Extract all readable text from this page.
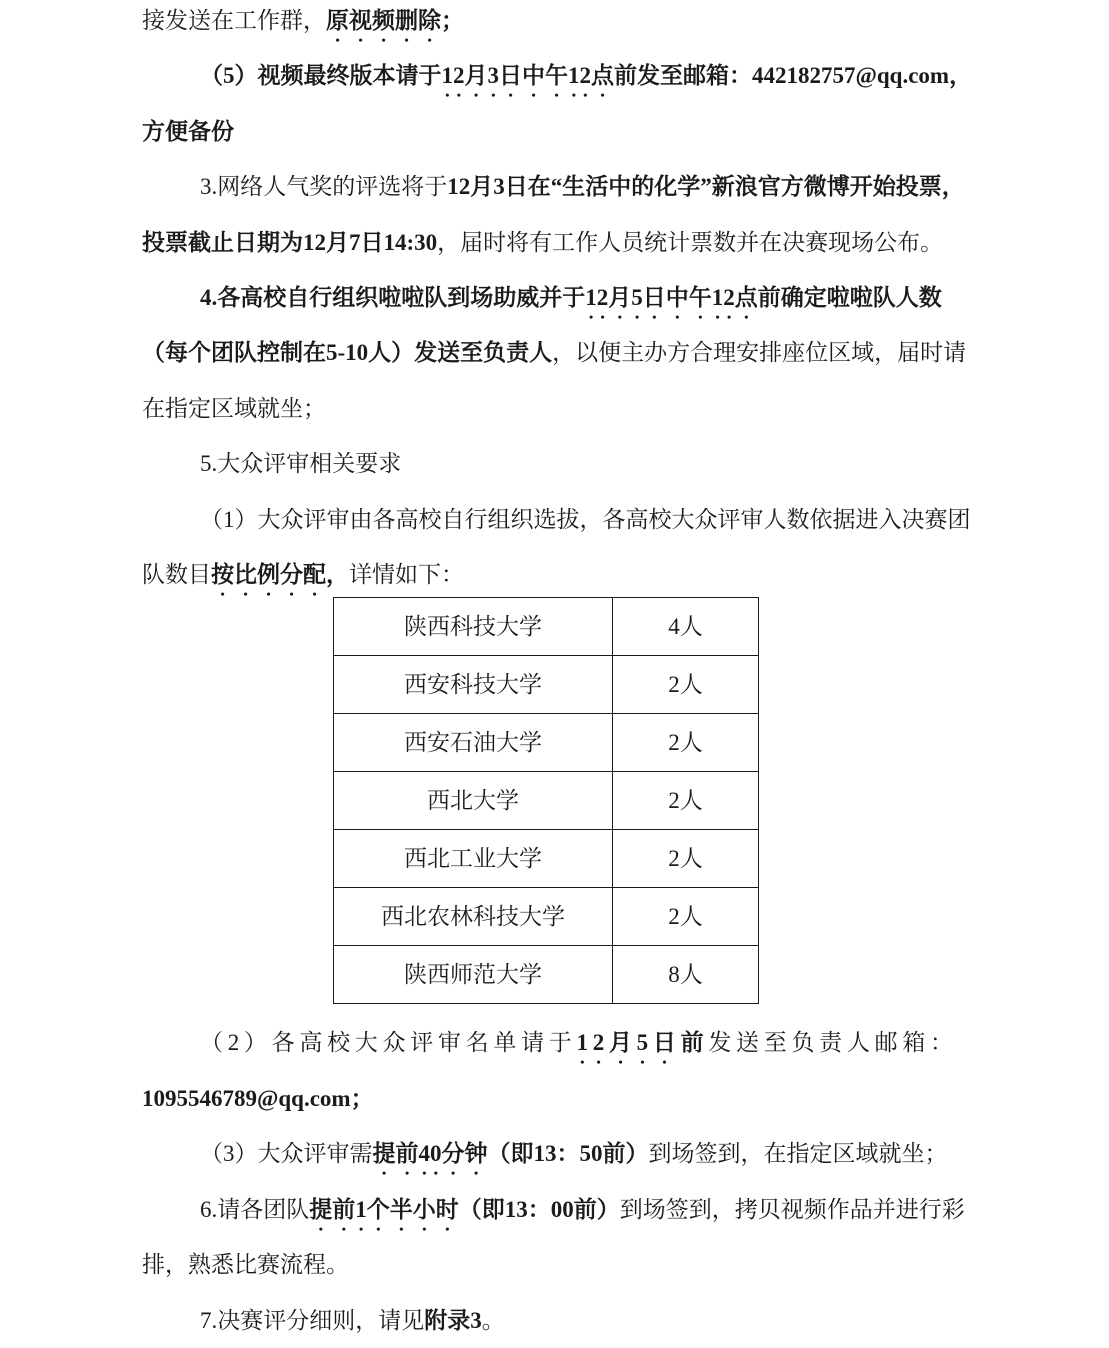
接发送在工作群，原视频删除；
（5）视频最终版本请于12月3日中午12点前发至邮箱：442182757@qq.com，
方便备份
3.网络人气奖的评选将于12月3日在“生活中的化学”新浪官方微博开始投票，
投票截止日期为12月7日14:30，届时将有工作人员统计票数并在决赛现场公布。
4.各高校自行组织啦啦队到场助威并于12月5日中午12点前确定啦啦队人数
（每个团队控制在5-10人）发送至负责人，以便主办方合理安排座位区域，届时请
在指定区域就坐；
5.大众评审相关要求
（1）大众评审由各高校自行组织选拔，各高校大众评审人数依据进入决赛团
队数目按比例分配，详情如下：
陕西科技大学	4人
西安科技大学	2人
西安石油大学	2人
西北大学	2人
西北工业大学	2人
西北农林科技大学	2人
陕西师范大学	8人
（2）各高校大众评审名单请于12月5日前发送至负责人邮箱：
1095546789@qq.com；
（3）大众评审需提前40分钟（即13：50前）到场签到，在指定区域就坐；
6.请各团队提前1个半小时（即13：00前）到场签到，拷贝视频作品并进行彩
排，熟悉比赛流程。
7.决赛评分细则，请见附录3。
